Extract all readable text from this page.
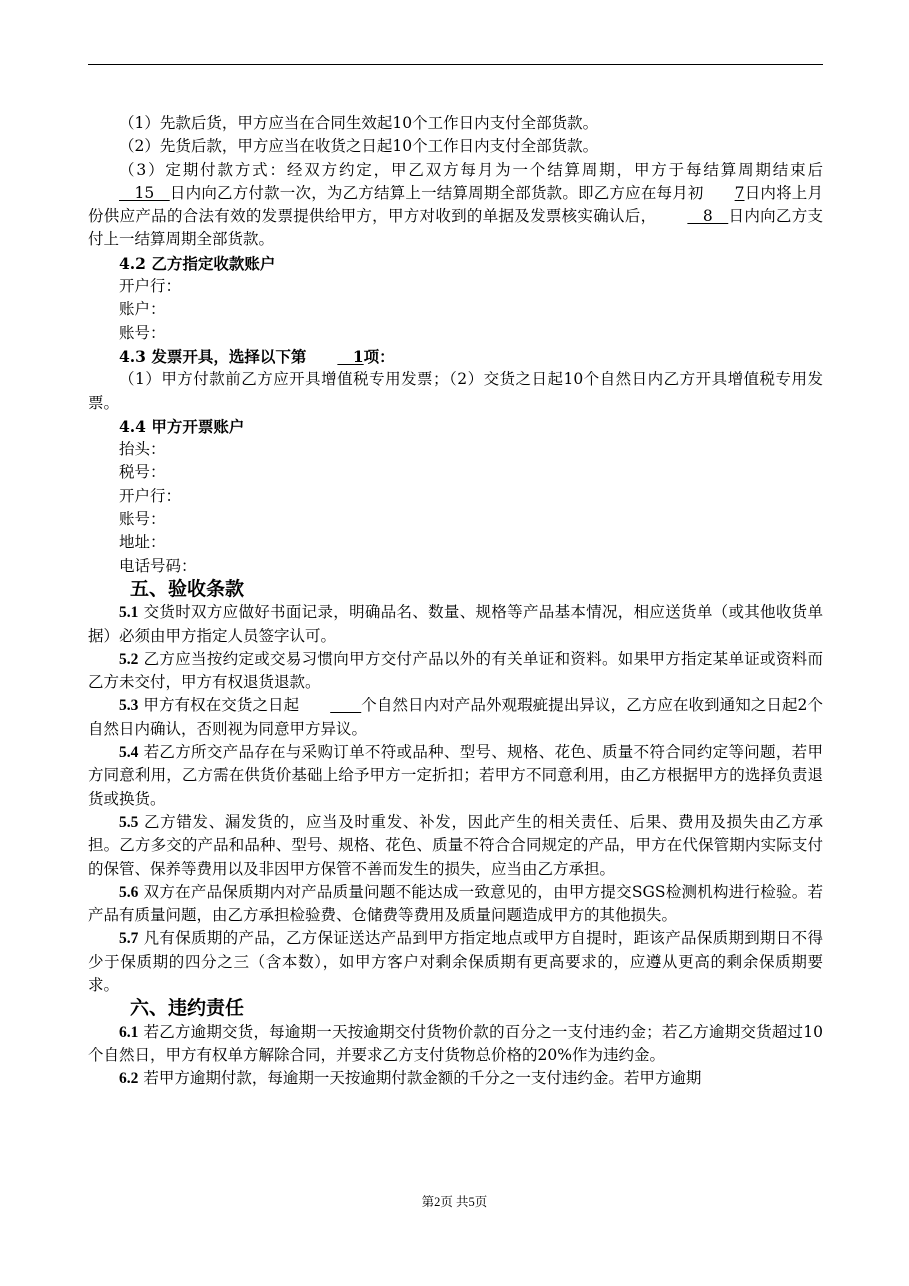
（1）先款后货，甲方应当在合同生效起10个工作日内支付全部货款。

（2）先货后款，甲方应当在收货之日起10个工作日内支付全部货款。

（3）定期付款方式：经双方约定，甲乙双方每月为一个结算周期，甲方于每结算周期结束后　15　日内向乙方付款一次，为乙方结算上一结算周期全部货款。即乙方应在每月初 7日内将上月份供应产品的合法有效的发票提供给甲方，甲方对收到的单据及发票核实确认后，　8　日内向乙方支付上一结算周期全部货款。

4.2 乙方指定收款账户

开户行：

账户：

账号：

4.3 发票开具，选择以下第　1项：

（1）甲方付款前乙方应开具增值税专用发票；（2）交货之日起10个自然日内乙方开具增值税专用发票。

4.4 甲方开票账户

抬头：

税号：

开户行：

账号：

地址：

电话号码：

五、验收条款

5.1 交货时双方应做好书面记录，明确品名、数量、规格等产品基本情况，相应送货单（或其他收货单据）必须由甲方指定人员签字认可。

5.2 乙方应当按约定或交易习惯向甲方交付产品以外的有关单证和资料。如果甲方指定某单证或资料而乙方未交付，甲方有权退货退款。

5.3 甲方有权在交货之日起　　	个自然日内对产品外观瑕疵提出异议，乙方应在收到通知之日起2个自然日内确认，否则视为同意甲方异议。

5.4 若乙方所交产品存在与采购订单不符或品种、型号、规格、花色、质量不符合同约定等问题，若甲方同意利用，乙方需在供货价基础上给予甲方一定折扣；若甲方不同意利用，由乙方根据甲方的选择负责退货或换货。

5.5 乙方错发、漏发货的，应当及时重发、补发，因此产生的相关责任、后果、费用及损失由乙方承担。乙方多交的产品和品种、型号、规格、花色、质量不符合合同规定的产品，甲方在代保管期内实际支付的保管、保养等费用以及非因甲方保管不善而发生的损失，应当由乙方承担。

5.6 双方在产品保质期内对产品质量问题不能达成一致意见的，由甲方提交SGS检测机构进行检验。若产品有质量问题，由乙方承担检验费、仓储费等费用及质量问题造成甲方的其他损失。

5.7 凡有保质期的产品，乙方保证送达产品到甲方指定地点或甲方自提时，距该产品保质期到期日不得少于保质期的四分之三（含本数），如甲方客户对剩余保质期有更高要求的，应遵从更高的剩余保质期要求。

六、违约责任

6.1 若乙方逾期交货，每逾期一天按逾期交付货物价款的百分之一支付违约金；若乙方逾期交货超过10个自然日，甲方有权单方解除合同，并要求乙方支付货物总价格的20%作为违约金。

6.2 若甲方逾期付款，每逾期一天按逾期付款金额的千分之一支付违约金。若甲方逾期

第2页 共5页
